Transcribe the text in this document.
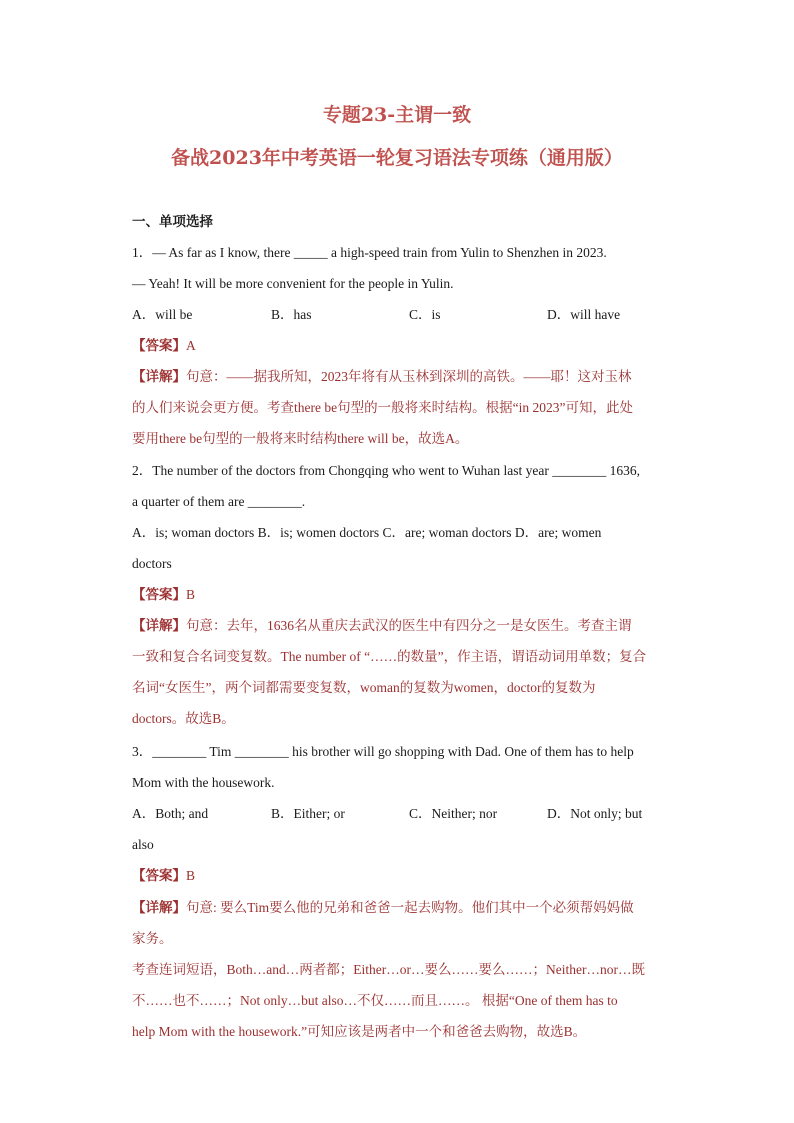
专题23-主谓一致
备战2023年中考英语一轮复习语法专项练（通用版）
一、单项选择
1．— As far as I know, there _____ a high-speed train from Yulin to Shenzhen in 2023.
— Yeah! It will be more convenient for the people in Yulin.
A．will be	B．has	C．is	D．will have
【答案】A
【详解】句意：——据我所知，2023年将有从玉林到深圳的高铁。——耶！这对玉林
的人们来说会更方便。考查there be句型的一般将来时结构。根据“in 2023”可知，此处
要用there be句型的一般将来时结构there will be，故选A。
2．The number of the doctors from Chongqing who went to Wuhan last year ________ 1636,
a quarter of them are ________.
A．is; woman doctors B．is; women doctors C．are; woman doctors D．are; women
doctors
【答案】B
【详解】句意：去年，1636名从重庆去武汉的医生中有四分之一是女医生。考查主谓
一致和复合名词变复数。The number of “……的数量”，作主语，谓语动词用单数；复合
名词“女医生”，两个词都需要变复数，woman的复数为women，doctor的复数为
doctors。故选B。
3．________ Tim ________ his brother will go shopping with Dad. One of them has to help
Mom with the housework.
A．Both; and	B．Either; or	C．Neither; nor	D．Not only; but
also
【答案】B
【详解】句意: 要么Tim要么他的兄弟和爸爸一起去购物。他们其中一个必须帮妈妈做
家务。
考查连词短语，Both…and…两者都；Either…or…要么……要么……；Neither…nor…既
不……也不……；Not only…but also…不仅……而且……。 根据“One of them has to
help Mom with the housework.”可知应该是两者中一个和爸爸去购物，故选B。
